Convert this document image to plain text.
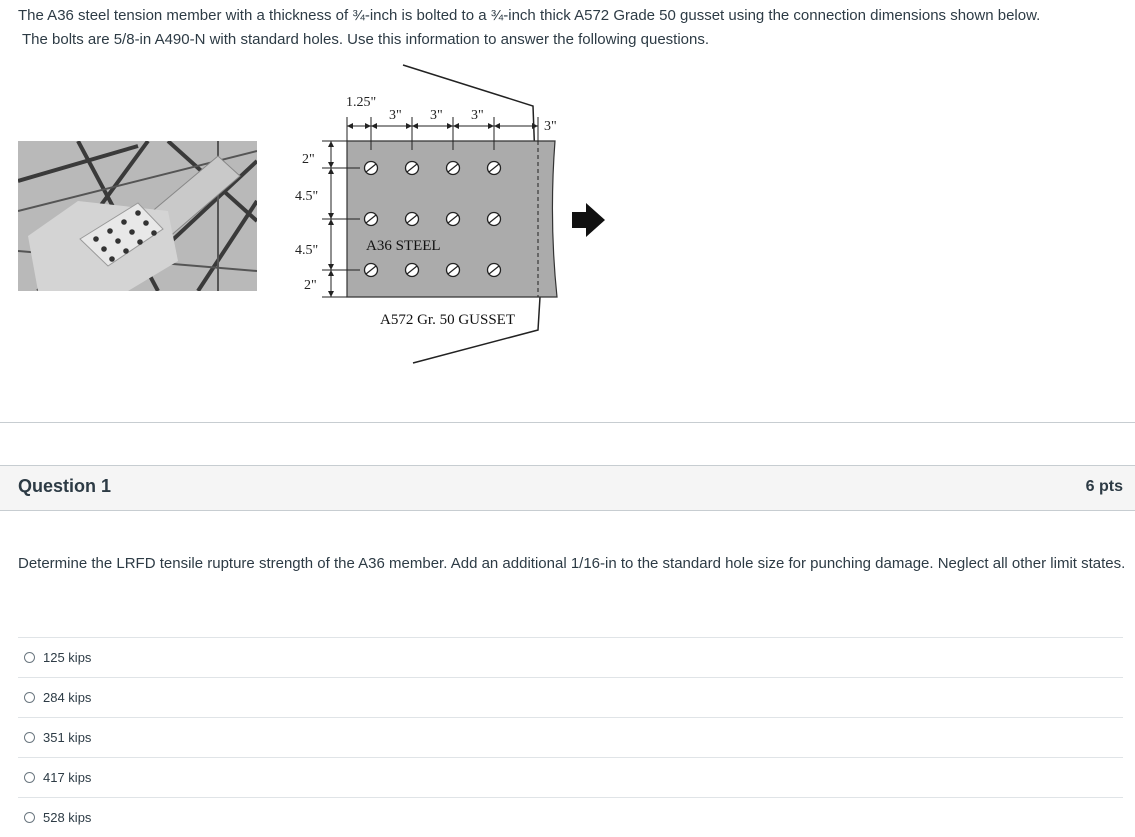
The A36 steel tension member with a thickness of ¾-inch is bolted to a ¾-inch thick A572 Grade 50 gusset using the connection dimensions shown below.

The bolts are 5/8-in A490-N with standard holes. Use this information to answer the following questions.

1.25"
3" 3" 3"
3"
2"
4.5"
4.5"
2"
A36 STEEL
A572 Gr. 50 GUSSET
Question 1	6 pts

Determine the LRFD tensile rupture strength of the A36 member. Add an additional 1/16-in to the standard hole size for punching damage. Neglect all other limit states.

125 kips
284 kips
351 kips
417 kips
528 kips
